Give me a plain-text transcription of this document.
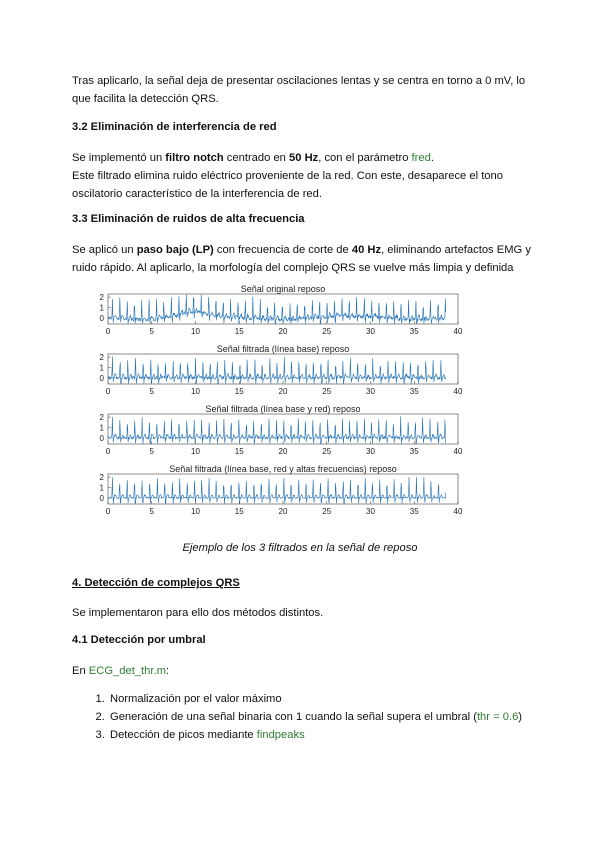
Tras aplicarlo, la señal deja de presentar oscilaciones lentas y se centra en torno a 0 mV, lo
que facilita la detección QRS.

3.2 Eliminación de interferencia de red

Se implementó un filtro notch centrado en 50 Hz, con el parámetro fred.
Este filtrado elimina ruido eléctrico proveniente de la red. Con este, desaparece el tono
oscilatorio característico de la interferencia de red.

3.3 Eliminación de ruidos de alta frecuencia

Se aplicó un paso bajo (LP) con frecuencia de corte de 40 Hz, eliminando artefactos EMG y
ruido rápido. Al aplicarlo, la morfología del complejo QRS se vuelve más limpia y definida

Señal original reposo
0
1
2
0	5	10	15	20	25	30	35	40
Señal filtrada (línea base) reposo
0
1
2
0	5	10	15	20	25	30	35	40
Señal filtrada (línea base y red) reposo
0
1
2
0	5	10	15	20	25	30	35	40
Señal filtrada (línea base, red y altas frecuencias) reposo
0
1
2
0	5	10	15	20	25	30	35	40

Ejemplo de los 3 filtrados en la señal de reposo

4. Detección de complejos QRS

Se implementaron para ello dos métodos distintos.

4.1 Detección por umbral

En ECG_det_thr.m:

1. Normalización por el valor máximo
2. Generación de una señal binaria con 1 cuando la señal supera el umbral (thr = 0.6)
3. Detección de picos mediante findpeaks
